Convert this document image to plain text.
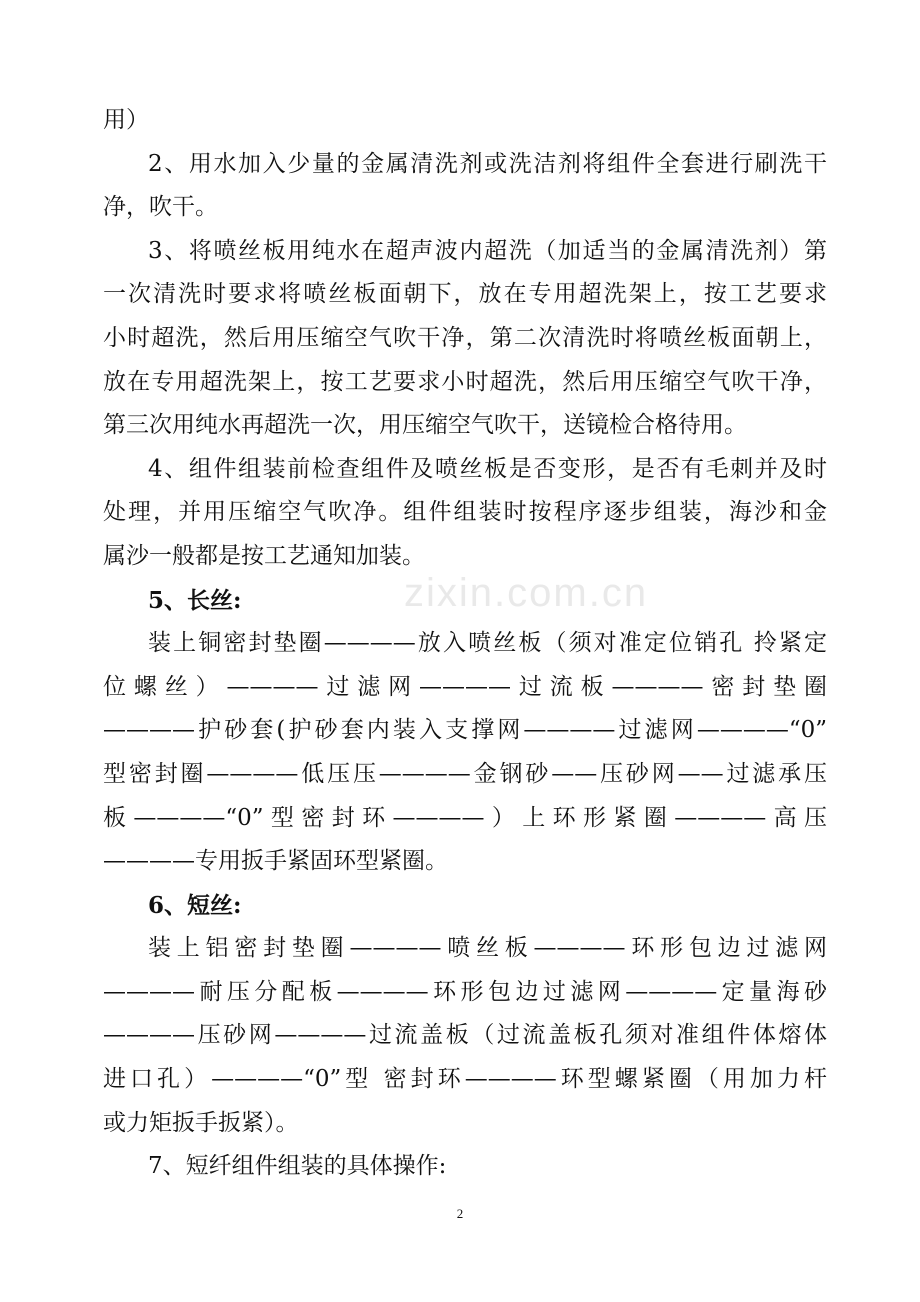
zixin.com.cn
用）
2、用水加入少量的金属清洗剂或洗洁剂将组件全套进行刷洗干
净，吹干。
3、将喷丝板用纯水在超声波内超洗（加适当的金属清洗剂）第
一次清洗时要求将喷丝板面朝下，放在专用超洗架上，按工艺要求
小时超洗，然后用压缩空气吹干净，第二次清洗时将喷丝板面朝上，
放在专用超洗架上，按工艺要求小时超洗，然后用压缩空气吹干净，
第三次用纯水再超洗一次，用压缩空气吹干，送镜检合格待用。
4、组件组装前检查组件及喷丝板是否变形，是否有毛刺并及时
处理，并用压缩空气吹净。组件组装时按程序逐步组装，海沙和金
属沙一般都是按工艺通知加装。
5、长丝:
装上铜密封垫圈————放入喷丝板（须对准定位销孔 拎紧定
位螺丝）————过滤网————过流板————密封垫圈
————护砂套(护砂套内装入支撑网————过滤网————“0”
型密封圈————低压压————金钢砂——压砂网——过滤承压
板————“0”型密封环————）上环形紧圈————高压
————专用扳手紧固环型紧圈。
6、短丝:
装上铝密封垫圈————喷丝板————环形包边过滤网
————耐压分配板————环形包边过滤网————定量海砂
————压砂网————过流盖板（过流盖板孔须对准组件体熔体
进口孔）————“0”型 密封环————环型螺紧圈（用加力杆
或力矩扳手扳紧）。
7、短纤组件组装的具体操作:
2
